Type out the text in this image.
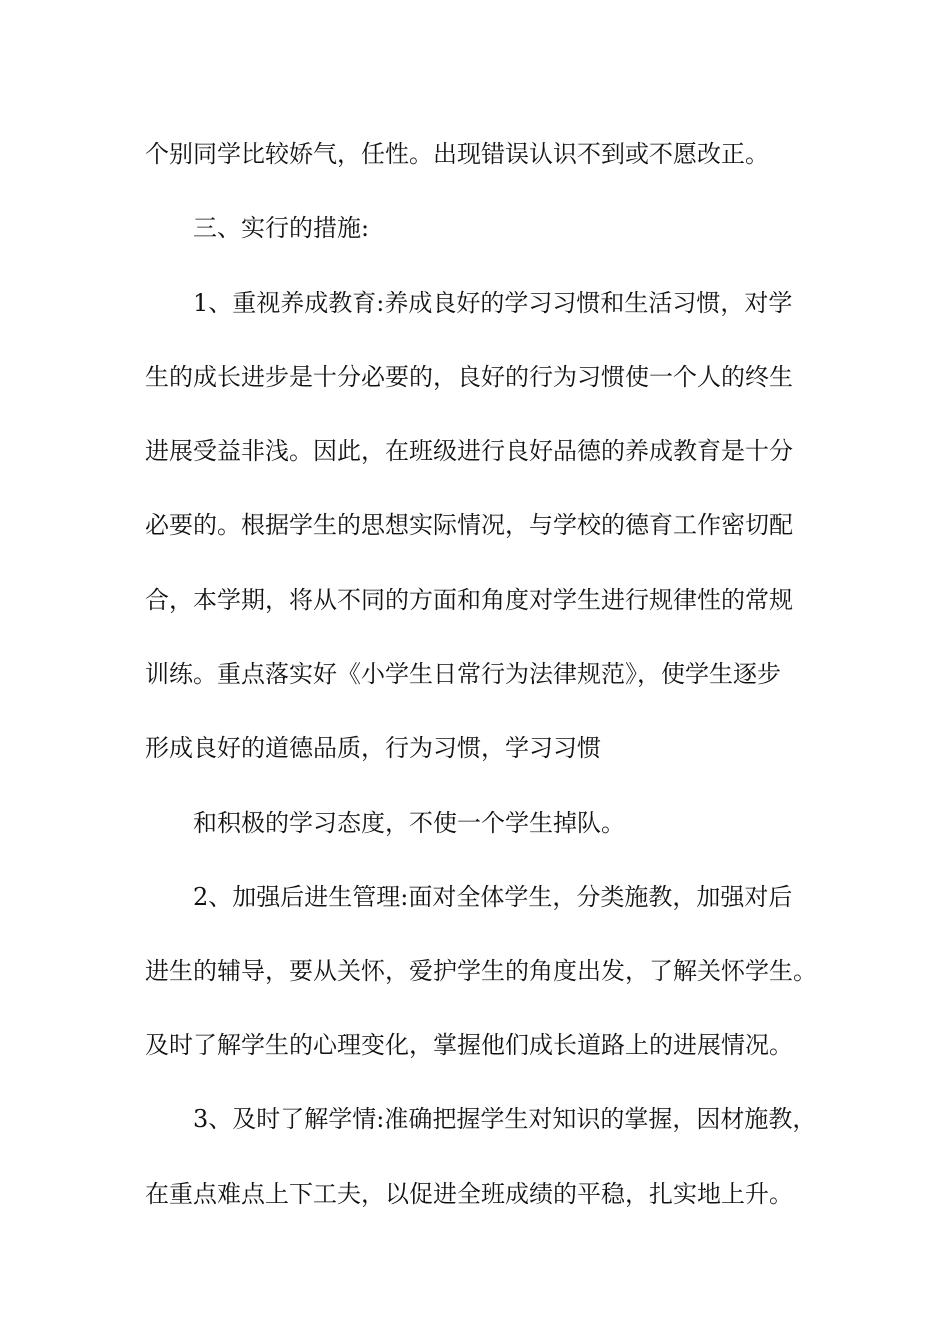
个别同学比较娇气，任性。出现错误认识不到或不愿改正。
三、实行的措施:
1、重视养成教育:养成良好的学习习惯和生活习惯，对学
生的成长进步是十分必要的，良好的行为习惯使一个人的终生
进展受益非浅。因此，在班级进行良好品德的养成教育是十分
必要的。根据学生的思想实际情况，与学校的德育工作密切配
合，本学期，将从不同的方面和角度对学生进行规律性的常规
训练。重点落实好《小学生日常行为法律规范》，使学生逐步
形成良好的道德品质，行为习惯，学习习惯
和积极的学习态度，不使一个学生掉队。
2、加强后进生管理:面对全体学生，分类施教，加强对后
进生的辅导，要从关怀，爱护学生的角度出发，了解关怀学生。
及时了解学生的心理变化，掌握他们成长道路上的进展情况。
3、及时了解学情:准确把握学生对知识的掌握，因材施教，
在重点难点上下工夫，以促进全班成绩的平稳，扎实地上升。
